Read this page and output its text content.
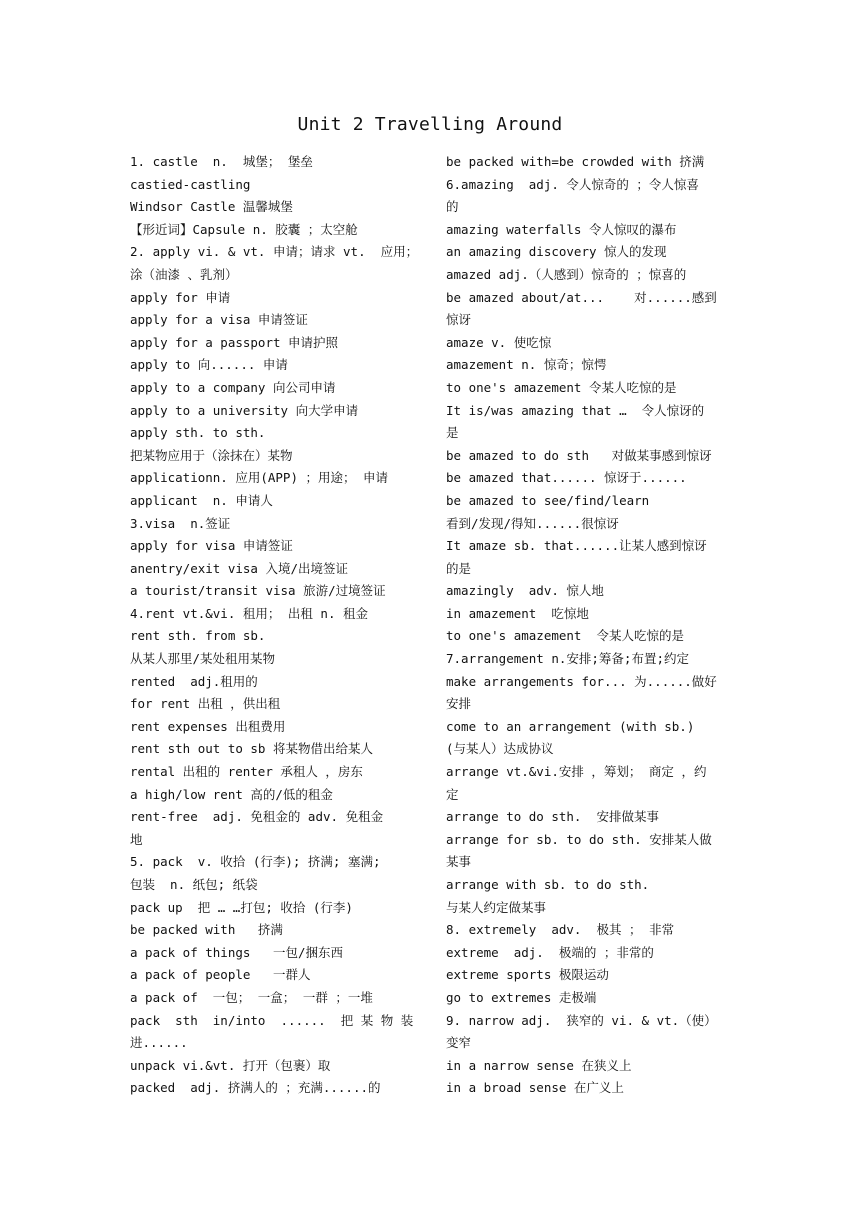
Unit 2 Travelling Around
1. castle  n.  城堡； 堡垒
castied-castling
Windsor Castle 温馨城堡
【形近词】Capsule n. 胶囊 ；太空舱
2. apply vi. & vt. 申请；请求 vt.  应用；
涂（油漆 、乳剂）
apply for 申请
apply for a visa 申请签证
apply for a passport 申请护照
apply to 向...... 申请
apply to a company 向公司申请
apply to a university 向大学申请
apply sth. to sth.
把某物应用于（涂抹在）某物
applicationn. 应用(APP) ；用途； 申请
applicant  n. 申请人
3.visa  n.签证
apply for visa 申请签证
anentry/exit visa 入境/出境签证
a tourist/transit visa 旅游/过境签证
4.rent vt.&vi. 租用； 出租 n. 租金
rent sth. from sb.
从某人那里/某处租用某物
rented  adj.租用的
for rent 出租 ，供出租
rent expenses 出租费用
rent sth out to sb 将某物借出给某人
rental 出租的 renter 承租人 ，房东
a high/low rent 高的/低的租金
rent-free  adj. 免租金的 adv. 免租金
地
5. pack  v. 收拾 (行李); 挤满; 塞满;
包装  n. 纸包; 纸袋
pack up  把 … …打包; 收拾 (行李)
be packed with   挤满
a pack of things   一包/捆东西
a pack of people   一群人
a pack of  一包； 一盒； 一群 ；一堆
pack  sth  in/into  ......  把 某 物 装
进......
unpack vi.&vt. 打开（包裹）取
packed  adj. 挤满人的 ；充满......的
be packed with=be crowded with 挤满
6.amazing  adj. 令人惊奇的 ；令人惊喜
的
amazing waterfalls 令人惊叹的瀑布
an amazing discovery 惊人的发现
amazed adj.（人感到）惊奇的 ；惊喜的
be amazed about/at...    对......感到
惊讶
amaze v. 使吃惊
amazement n. 惊奇；惊愕
to one's amazement 令某人吃惊的是
It is/was amazing that …  令人惊讶的
是
be amazed to do sth   对做某事感到惊讶
be amazed that...... 惊讶于......
be amazed to see/find/learn
看到/发现/得知......很惊讶
It amaze sb. that......让某人感到惊讶
的是
amazingly  adv. 惊人地
in amazement  吃惊地
to one's amazement  令某人吃惊的是
7.arrangement n.安排;筹备;布置;约定
make arrangements for... 为......做好
安排
come to an arrangement (with sb.)
(与某人）达成协议
arrange vt.&vi.安排 ，筹划； 商定 ，约
定
arrange to do sth.  安排做某事
arrange for sb. to do sth. 安排某人做
某事
arrange with sb. to do sth.
与某人约定做某事
8. extremely  adv.  极其 ； 非常
extreme  adj.  极端的 ；非常的
extreme sports 极限运动
go to extremes 走极端
9. narrow adj.  狭窄的 vi. & vt.（使）
变窄
in a narrow sense 在狭义上
in a broad sense 在广义上
